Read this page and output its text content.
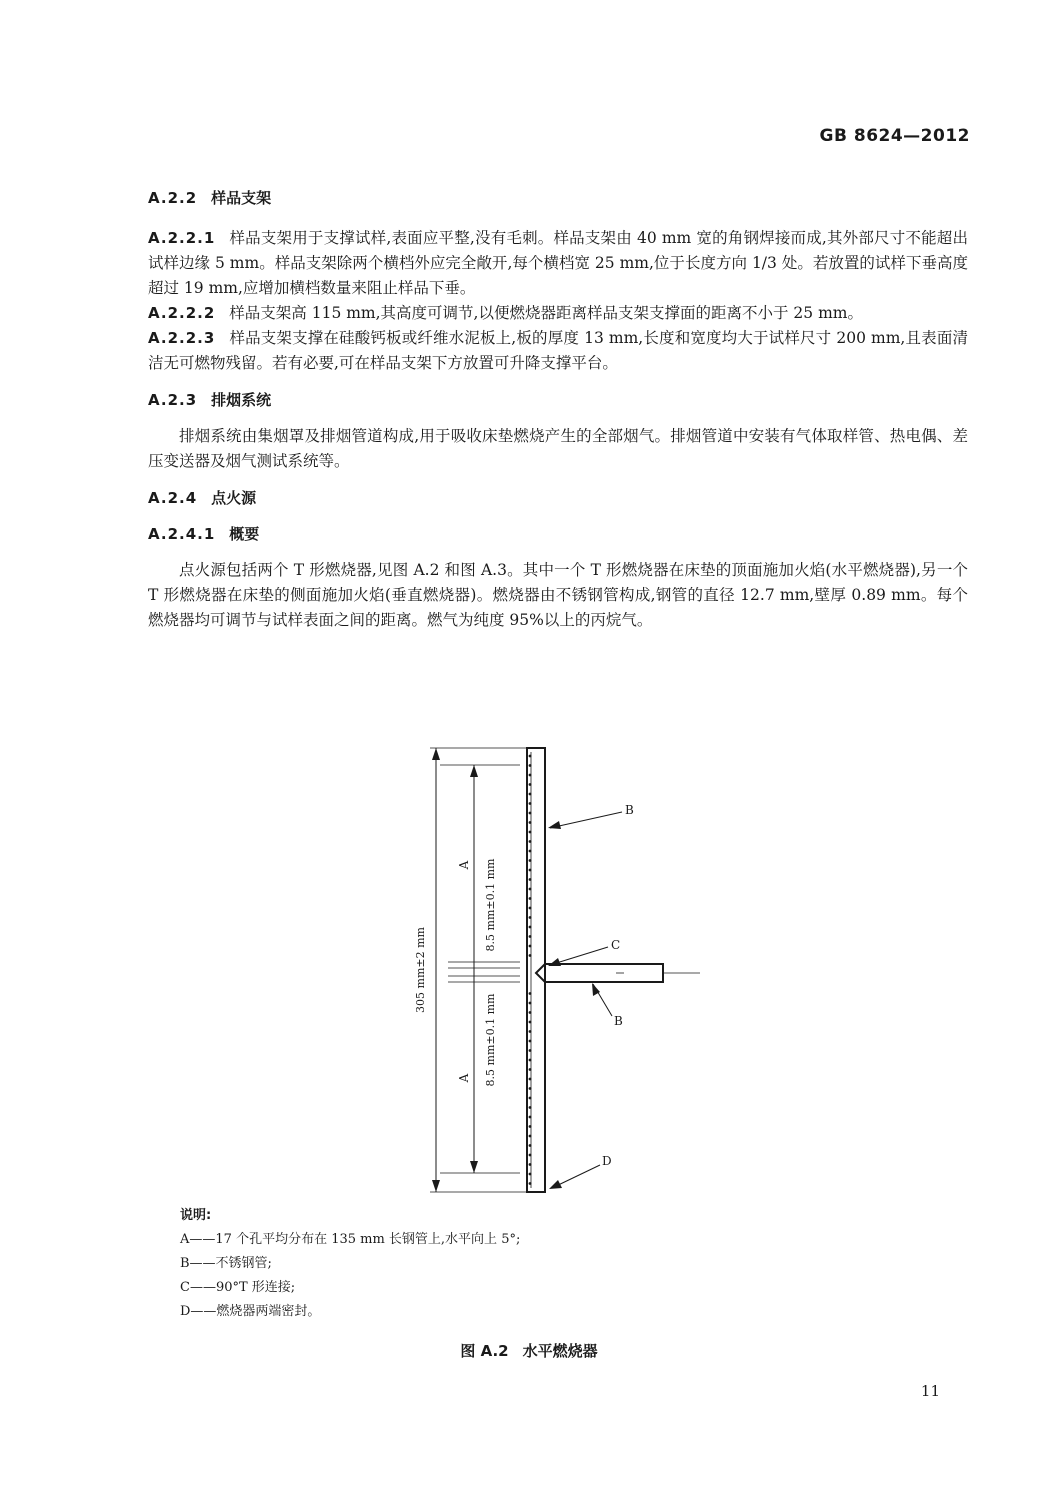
GB 8624—2012
A.2.2 样品支架

A.2.2.1 样品支架用于支撑试样,表面应平整,没有毛刺。样品支架由 40 mm 宽的角钢焊接而成,其外部尺寸不能超出试样边缘 5 mm。样品支架除两个横档外应完全敞开,每个横档宽 25 mm,位于长度方向 1/3 处。若放置的试样下垂高度超过 19 mm,应增加横档数量来阻止样品下垂。

A.2.2.2 样品支架高 115 mm,其高度可调节,以便燃烧器距离样品支架支撑面的距离不小于 25 mm。

A.2.2.3 样品支架支撑在硅酸钙板或纤维水泥板上,板的厚度 13 mm,长度和宽度均大于试样尺寸 200 mm,且表面清洁无可燃物残留。若有必要,可在样品支架下方放置可升降支撑平台。

A.2.3 排烟系统

排烟系统由集烟罩及排烟管道构成,用于吸收床垫燃烧产生的全部烟气。排烟管道中安装有气体取样管、热电偶、差压变送器及烟气测试系统等。

A.2.4 点火源
A.2.4.1 概要

点火源包括两个 T 形燃烧器,见图 A.2 和图 A.3。其中一个 T 形燃烧器在床垫的顶面施加火焰(水平燃烧器),另一个 T 形燃烧器在床垫的侧面施加火焰(垂直燃烧器)。燃烧器由不锈钢管构成,钢管的直径 12.7 mm,壁厚 0.89 mm。每个燃烧器均可调节与试样表面之间的距离。燃气为纯度 95%以上的丙烷气。

305 mm±2 mm
A 8.5 mm±0.1 mm
A 8.5 mm±0.1 mm
B
C
B
D
说明:
A——17 个孔平均分布在 135 mm 长钢管上,水平向上 5°;
B——不锈钢管;
C——90°T 形连接;
D——燃烧器两端密封。
图 A.2 水平燃烧器
11
